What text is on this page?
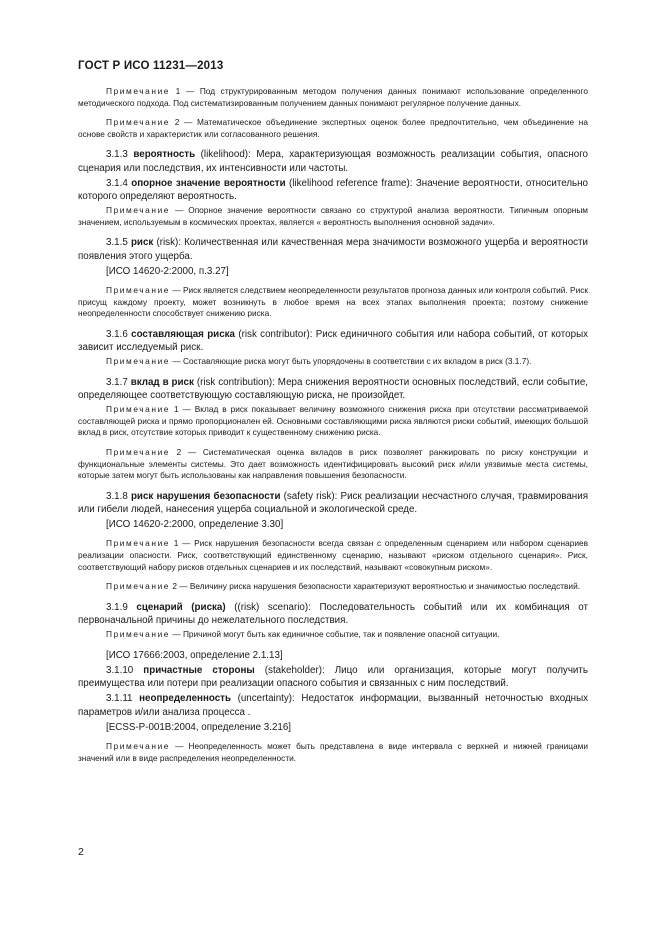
ГОСТ Р ИСО 11231—2013

Примечание 1 — Под структурированным методом получения данных понимают использование определенного методического подхода. Под систематизированным получением данных понимают регулярное получение данных.

Примечание 2 — Математическое объединение экспертных оценок более предпочтительно, чем объединение на основе свойств и характеристик или согласованного решения.

3.1.3 вероятность (likelihood): Мера, характеризующая возможность реализации события, опасного сценария или последствия, их интенсивности или частоты.

3.1.4 опорное значение вероятности (likelihood reference frame): Значение вероятности, относительно которого определяют вероятность.

Примечание — Опорное значение вероятности связано со структурой анализа вероятности. Типичным опорным значением, используемым в космических проектах, является « вероятность выполнения основной задачи».

3.1.5 риск (risk): Количественная или качественная мера значимости возможного ущерба и вероятности появления этого ущерба.

[ИСО 14620-2:2000, п.3.27]

Примечание — Риск является следствием неопределенности результатов прогноза данных или контроля событий. Риск присущ каждому проекту, может возникнуть в любое время на всех этапах выполнения проекта; поэтому снижение неопределенности способствует снижению риска.

3.1.6 составляющая риска (risk contributor): Риск единичного события или набора событий, от которых зависит исследуемый риск.

Примечание — Составляющие риска могут быть упорядочены в соответствии с их вкладом в риск (3.1.7).

3.1.7 вклад в риск (risk contribution): Мера снижения вероятности основных последствий, если событие, определяющее соответствующую составляющую риска, не произойдет.

Примечание 1 — Вклад в риск показывает величину возможного снижения риска при отсутствии рассматриваемой составляющей риска и прямо пропорционален ей. Основными составляющими риска являются риски событий, имеющих большой вклад в риск, отсутствие которых приводит к существенному снижению риска.

Примечание 2 — Систематическая оценка вкладов в риск позволяет ранжировать по риску конструкции и функциональные элементы системы. Это дает возможность идентифицировать высокий риск и/или уязвимые места системы, которые затем могут быть использованы как направления повышения безопасности.

3.1.8 риск нарушения безопасности (safety risk): Риск реализации несчастного случая, травмирования или гибели людей, нанесения ущерба социальной и экологической среде.

[ИСО 14620-2:2000, определение 3.30]

Примечание 1 — Риск нарушения безопасности всегда связан с определенным сценарием или набором сценариев реализации опасности. Риск, соответствующий единственному сценарию, называют «риском отдельного сценария». Риск, соответствующий набору рисков отдельных сценариев и их последствий, называют «совокупным риском».

Примечание 2 — Величину риска нарушения безопасности характеризуют вероятностью и значимостью последствий.

3.1.9 сценарий (риска) ((risk) scenario): Последовательность событий или их комбинация от первоначальной причины до нежелательного последствия.

Примечание — Причиной могут быть как единичное событие, так и появление опасной ситуации.

[ИСО 17666:2003, определение 2.1.13]

3.1.10 причастные стороны (stakeholder): Лицо или организация, которые могут получить преимущества или потери при реализации опасного события и связанных с ним последствий.

3.1.11 неопределенность (uncertainty): Недостаток информации, вызванный неточностью входных параметров и/или анализа процесса .

[ECSS-P-001B:2004, определение 3.216]

Примечание — Неопределенность может быть представлена в виде интервала с верхней и нижней границами значений или в виде распределения неопределенности.

2
